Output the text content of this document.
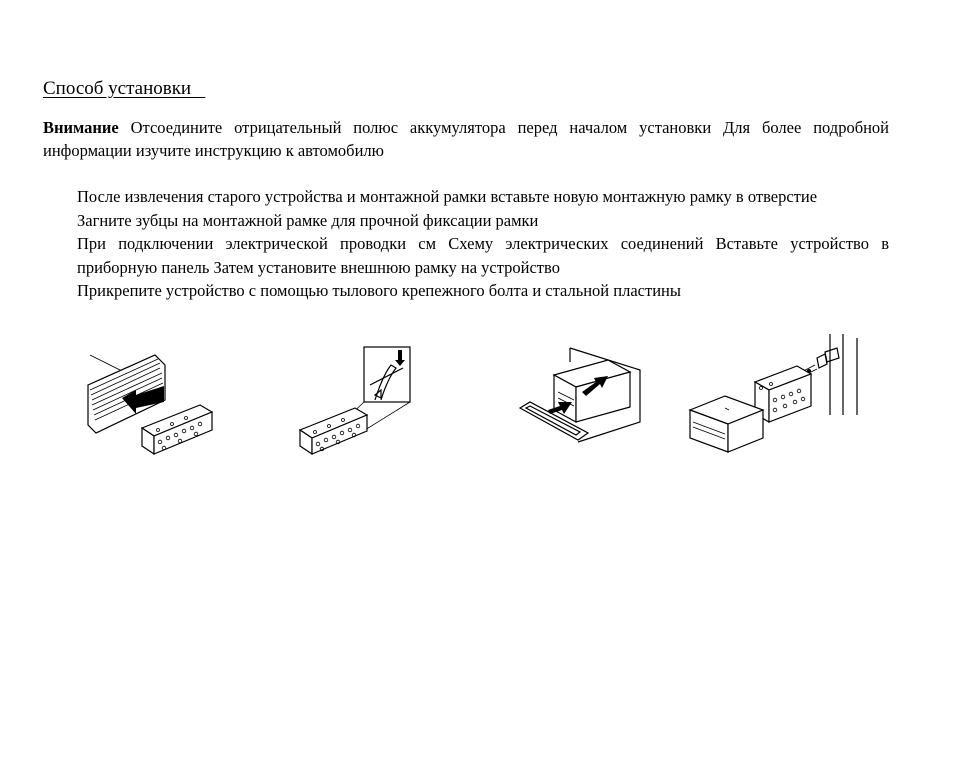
Способ установки
Внимание Отсоедините отрицательный полюс аккумулятора перед началом установки Для более подробной информации изучите инструкцию к автомобилю
После извлечения старого устройства и монтажной рамки вставьте новую монтажную рамку в отверстие
Загните зубцы на монтажной рамке для прочной фиксации рамки
При подключении электрической проводки см Схему электрических соединений Вставьте устройство в приборную панель Затем установите внешнюю рамку на устройство
Прикрепите устройство с помощью тылового крепежного болта и стальной пластины
